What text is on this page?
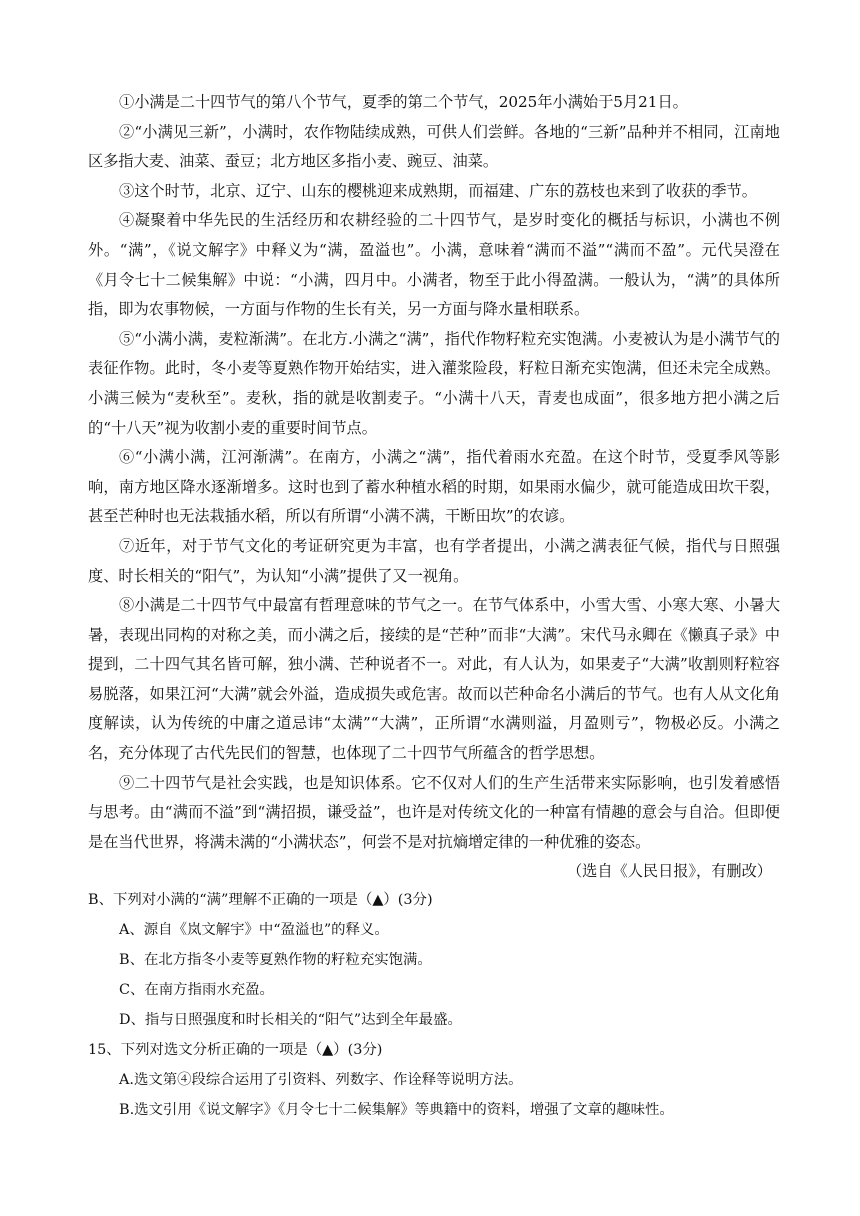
①小满是二十四节气的第八个节气，夏季的第二个节气，2025年小满始于5月21日。

②“小满见三新”，小满时，农作物陆续成熟，可供人们尝鲜。各地的“三新”品种并不相同，江南地区多指大麦、油菜、蚕豆；北方地区多指小麦、豌豆、油菜。

③这个时节，北京、辽宁、山东的樱桃迎来成熟期，而福建、广东的荔枝也来到了收获的季节。

④凝聚着中华先民的生活经历和农耕经验的二十四节气，是岁时变化的概括与标识，小满也不例外。“满”，《说文解字》中释义为“满，盈溢也”。小满，意味着“满而不溢”“满而不盈”。元代吴澄在《月令七十二候集解》中说：“小满，四月中。小满者，物至于此小得盈满。一般认为，“满”的具体所指，即为农事物候，一方面与作物的生长有关，另一方面与降水量相联系。

⑤“小满小满，麦粒渐满”。在北方.小满之“满”，指代作物籽粒充实饱满。小麦被认为是小满节气的表征作物。此时，冬小麦等夏熟作物开始结实，进入灌浆险段，籽粒日渐充实饱满，但还未完全成熟。小满三候为“麦秋至”。麦秋，指的就是收割麦子。“小满十八天，青麦也成面”，很多地方把小满之后的“十八天”视为收割小麦的重要时间节点。

⑥“小满小满，江河渐满”。在南方，小满之“满”，指代着雨水充盈。在这个时节，受夏季风等影响，南方地区降水逐渐增多。这时也到了蓄水种植水稻的时期，如果雨水偏少，就可能造成田坎干裂，甚至芒种时也无法栽插水稻，所以有所谓“小满不满，干断田坎”的农谚。

⑦近年，对于节气文化的考证研究更为丰富，也有学者提出，小满之满表征气候，指代与日照强度、时长相关的“阳气”，为认知“小满”提供了又一视角。

⑧小满是二十四节气中最富有哲理意味的节气之一。在节气体系中，小雪大雪、小寒大寒、小暑大暑，表现出同构的对称之美，而小满之后，接续的是“芒种”而非“大满”。宋代马永卿在《懒真子录》中提到，二十四气其名皆可解，独小满、芒种说者不一。对此，有人认为，如果麦子“大满”收割则籽粒容易脱落，如果江河“大满”就会外溢，造成损失或危害。故而以芒种命名小满后的节气。也有人从文化角度解读，认为传统的中庸之道忌讳“太满”“大满”，正所谓“水满则溢，月盈则亏”，物极必反。小满之名，充分体现了古代先民们的智慧，也体现了二十四节气所蕴含的哲学思想。

⑨二十四节气是社会实践，也是知识体系。它不仅对人们的生产生活带来实际影响，也引发着感悟与思考。由“满而不溢”到“满招损，谦受益”，也许是对传统文化的一种富有情趣的意会与自洽。但即便是在当代世界，将满未满的“小满状态”，何尝不是对抗熵增定律的一种优雅的姿态。

（选自《人民日报》，有删改）

B、下列对小满的“满”理解不正确的一项是（▲）(3分)

A、源自《岚文解宇》中“盈溢也”的释义。

B、在北方指冬小麦等夏熟作物的籽粒充实饱满。

C、在南方指雨水充盈。

D、指与日照强度和时长相关的“阳气”达到全年最盛。

15、下列对选文分析正确的一项是（▲）(3分)

A.选文第④段综合运用了引资料、列数字、作诠释等说明方法。

B.选文引用《说文解字》《月令七十二候集解》等典籍中的资料，增强了文章的趣味性。
